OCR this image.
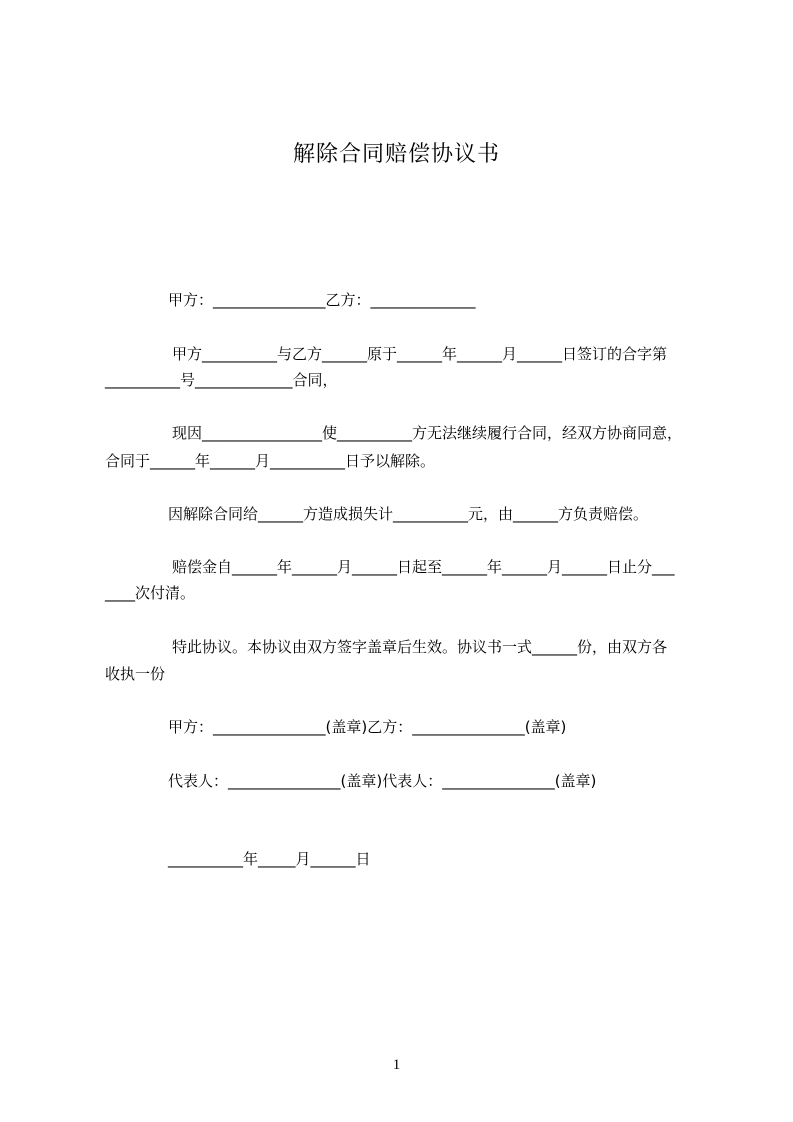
解除合同赔偿协议书
甲方：_______________乙方：______________
甲方__________与乙方______原于______年______月______日签订的合字第
__________号_____________合同，
现因________________使__________方无法继续履行合同，经双方协商同意，
合同于______年______月__________日予以解除。
因解除合同给______方造成损失计__________元，由______方负责赔偿。
赔偿金自______年______月______日起至______年______月______日止分___
____次付清。
特此协议。本协议由双方签字盖章后生效。协议书一式______份，由双方各
收执一份
甲方：_______________(盖章)乙方：_______________(盖章)
代表人：_______________(盖章)代表人：_______________(盖章)
__________年_____月______日
1
